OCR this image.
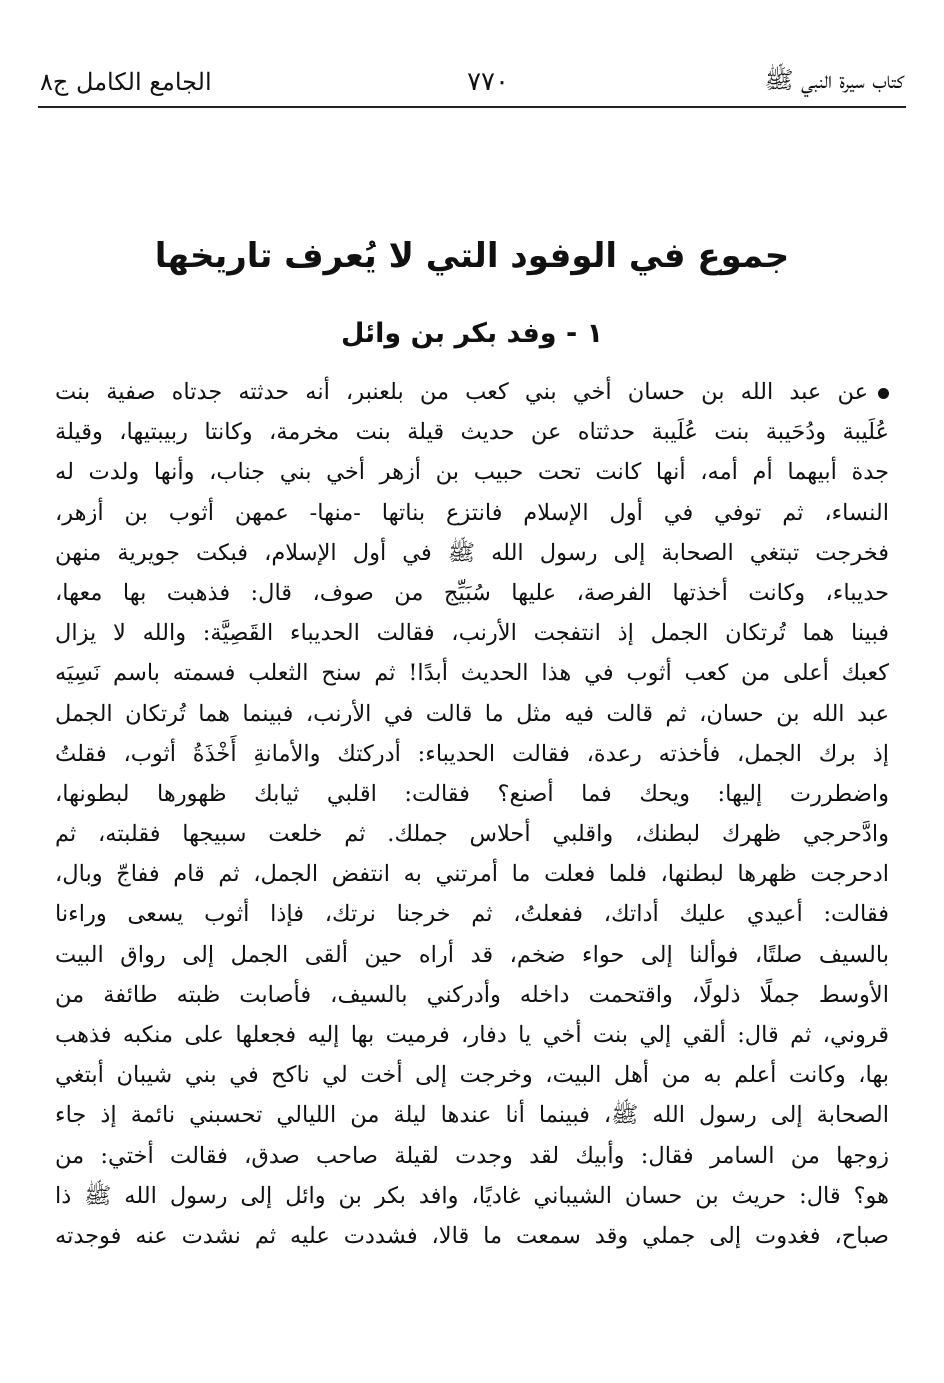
كتاب سيرة النبي ﷺ
٧٧٠
الجامع الكامل ج٨
جموع في الوفود التي لا يُعرف تاريخها
١ - وفد بكر بن وائل
عن عبد الله بن حسان أخي بني كعب من بلعنبر، أنه حدثته جدتاه صفية بنت
عُلَيبة ودُحَيبة بنت عُلَيبة حدثتاه عن حديث قيلة بنت مخرمة، وكانتا ربيبتيها، وقيلة
جدة أبيهما أم أمه، أنها كانت تحت حبيب بن أزهر أخي بني جناب، وأنها ولدت له
النساء، ثم توفي في أول الإسلام فانتزع بناتها -منها- عمهن أثوب بن أزهر،
فخرجت تبتغي الصحابة إلى رسول الله ﷺ في أول الإسلام، فبكت جويرية منهن
حديباء، وكانت أخذتها الفرصة، عليها سُبَيِّج من صوف، قال: فذهبت بها معها،
فبينا هما تُرتكان الجمل إذ انتفجت الأرنب، فقالت الحديباء القَصِيَّة: والله لا يزال
كعبك أعلى من كعب أثوب في هذا الحديث أبدًا! ثم سنح الثعلب فسمته باسم نَسِيَه
عبد الله بن حسان، ثم قالت فيه مثل ما قالت في الأرنب، فبينما هما تُرتكان الجمل
إذ برك الجمل، فأخذته رعدة، فقالت الحديباء: أدركتك والأمانةِ أَخْذَةُ أثوب، فقلتُ
واضطررت إليها: ويحك فما أصنع؟ فقالت: اقلبي ثيابك ظهورها لبطونها،
وادَّحرجي ظهرك لبطنك، واقلبي أحلاس جملك. ثم خلعت سبيجها فقلبته، ثم
ادحرجت ظهرها لبطنها، فلما فعلت ما أمرتني به انتفض الجمل، ثم قام ففاجّ وبال،
فقالت: أعيدي عليك أداتك، ففعلتُ، ثم خرجنا نرتك، فإذا أثوب يسعى وراءنا
بالسيف صلتًا، فوألنا إلى حواء ضخم، قد أراه حين ألقى الجمل إلى رواق البيت
الأوسط جملًا ذلولًا، واقتحمت داخله وأدركني بالسيف، فأصابت ظبته طائفة من
قروني، ثم قال: ألقي إلي بنت أخي يا دفار، فرميت بها إليه فجعلها على منكبه فذهب
بها، وكانت أعلم به من أهل البيت، وخرجت إلى أخت لي ناكح في بني شيبان أبتغي
الصحابة إلى رسول الله ﷺ، فبينما أنا عندها ليلة من الليالي تحسبني نائمة إذ جاء
زوجها من السامر فقال: وأبيك لقد وجدت لقيلة صاحب صدق، فقالت أختي: من
هو؟ قال: حريث بن حسان الشيباني غاديًا، وافد بكر بن وائل إلى رسول الله ﷺ ذا
صباح، فغدوت إلى جملي وقد سمعت ما قالا، فشددت عليه ثم نشدت عنه فوجدته
